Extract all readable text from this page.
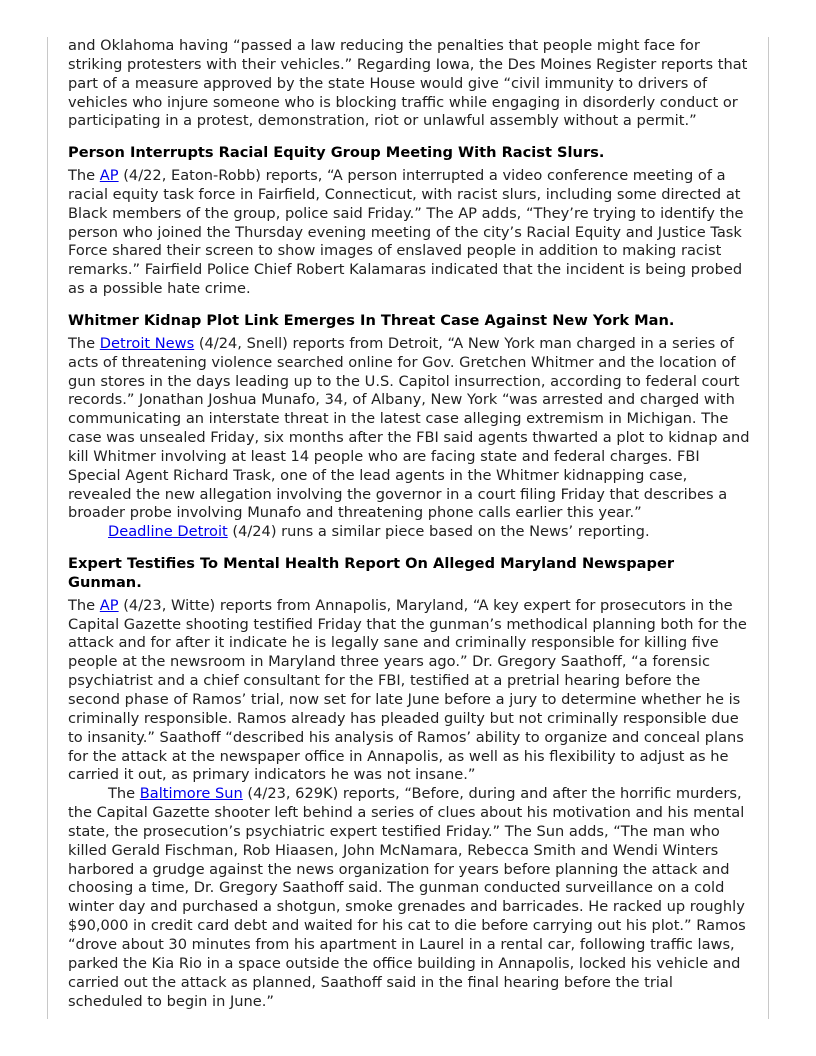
and Oklahoma having “passed a law reducing the penalties that people might face for striking protesters with their vehicles.” Regarding Iowa, the Des Moines Register reports that part of a measure approved by the state House would give “civil immunity to drivers of vehicles who injure someone who is blocking traffic while engaging in disorderly conduct or participating in a protest, demonstration, riot or unlawful assembly without a permit.”

Person Interrupts Racial Equity Group Meeting With Racist Slurs.

The AP (4/22, Eaton-Robb) reports, “A person interrupted a video conference meeting of a racial equity task force in Fairfield, Connecticut, with racist slurs, including some directed at Black members of the group, police said Friday.” The AP adds, “They’re trying to identify the person who joined the Thursday evening meeting of the city’s Racial Equity and Justice Task Force shared their screen to show images of enslaved people in addition to making racist remarks.” Fairfield Police Chief Robert Kalamaras indicated that the incident is being probed as a possible hate crime.

Whitmer Kidnap Plot Link Emerges In Threat Case Against New York Man.

The Detroit News (4/24, Snell) reports from Detroit, “A New York man charged in a series of acts of threatening violence searched online for Gov. Gretchen Whitmer and the location of gun stores in the days leading up to the U.S. Capitol insurrection, according to federal court records.” Jonathan Joshua Munafo, 34, of Albany, New York “was arrested and charged with communicating an interstate threat in the latest case alleging extremism in Michigan. The case was unsealed Friday, six months after the FBI said agents thwarted a plot to kidnap and kill Whitmer involving at least 14 people who are facing state and federal charges. FBI Special Agent Richard Trask, one of the lead agents in the Whitmer kidnapping case, revealed the new allegation involving the governor in a court filing Friday that describes a broader probe involving Munafo and threatening phone calls earlier this year.”

Deadline Detroit (4/24) runs a similar piece based on the News’ reporting.

Expert Testifies To Mental Health Report On Alleged Maryland Newspaper Gunman.

The AP (4/23, Witte) reports from Annapolis, Maryland, “A key expert for prosecutors in the Capital Gazette shooting testified Friday that the gunman’s methodical planning both for the attack and for after it indicate he is legally sane and criminally responsible for killing five people at the newsroom in Maryland three years ago.” Dr. Gregory Saathoff, “a forensic psychiatrist and a chief consultant for the FBI, testified at a pretrial hearing before the second phase of Ramos’ trial, now set for late June before a jury to determine whether he is criminally responsible. Ramos already has pleaded guilty but not criminally responsible due to insanity.” Saathoff “described his analysis of Ramos’ ability to organize and conceal plans for the attack at the newspaper office in Annapolis, as well as his flexibility to adjust as he carried it out, as primary indicators he was not insane.”

The Baltimore Sun (4/23, 629K) reports, “Before, during and after the horrific murders, the Capital Gazette shooter left behind a series of clues about his motivation and his mental state, the prosecution’s psychiatric expert testified Friday.” The Sun adds, “The man who killed Gerald Fischman, Rob Hiaasen, John McNamara, Rebecca Smith and Wendi Winters harbored a grudge against the news organization for years before planning the attack and choosing a time, Dr. Gregory Saathoff said. The gunman conducted surveillance on a cold winter day and purchased a shotgun, smoke grenades and barricades. He racked up roughly $90,000 in credit card debt and waited for his cat to die before carrying out his plot.” Ramos “drove about 30 minutes from his apartment in Laurel in a rental car, following traffic laws, parked the Kia Rio in a space outside the office building in Annapolis, locked his vehicle and carried out the attack as planned, Saathoff said in the final hearing before the trial scheduled to begin in June.”
